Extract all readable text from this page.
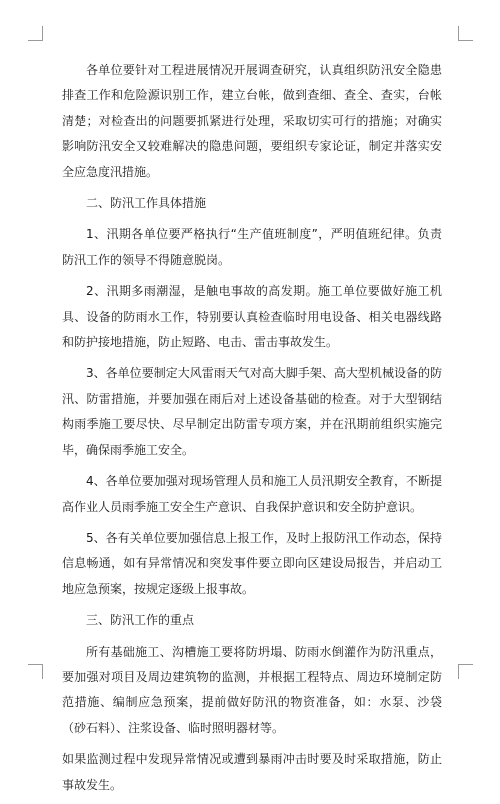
各单位要针对工程进展情况开展调查研究，认真组织防汛安全隐患排查工作和危险源识别工作，建立台帐，做到查细、查全、查实，台帐清楚；对检查出的问题要抓紧进行处理，采取切实可行的措施；对确实影响防汛安全又较难解决的隐患问题，要组织专家论证，制定并落实安全应急度汛措施。

二、防汛工作具体措施

1、汛期各单位要严格执行“生产值班制度”，严明值班纪律。负责防汛工作的领导不得随意脱岗。

2、汛期多雨潮湿，是触电事故的高发期。施工单位要做好施工机具、设备的防雨水工作，特别要认真检查临时用电设备、相关电器线路和防护接地措施，防止短路、电击、雷击事故发生。

3、各单位要制定大风雷雨天气对高大脚手架、高大型机械设备的防汛、防雷措施，并要加强在雨后对上述设备基础的检查。对于大型钢结构雨季施工要尽快、尽早制定出防雷专项方案，并在汛期前组织实施完毕，确保雨季施工安全。

4、各单位要加强对现场管理人员和施工人员汛期安全教育，不断提高作业人员雨季施工安全生产意识、自我保护意识和安全防护意识。

5、各有关单位要加强信息上报工作，及时上报防汛工作动态，保持信息畅通，如有异常情况和突发事件要立即向区建设局报告，并启动工地应急预案，按规定逐级上报事故。

三、防汛工作的重点

所有基础施工、沟槽施工要将防坍塌、防雨水倒灌作为防汛重点，要加强对项目及周边建筑物的监测，并根据工程特点、周边环境制定防范措施、编制应急预案，提前做好防汛的物资准备，如：水泵、沙袋（砂石料）、注浆设备、临时照明器材等。

如果监测过程中发现异常情况或遭到暴雨冲击时要及时采取措施，防止事故发生。
